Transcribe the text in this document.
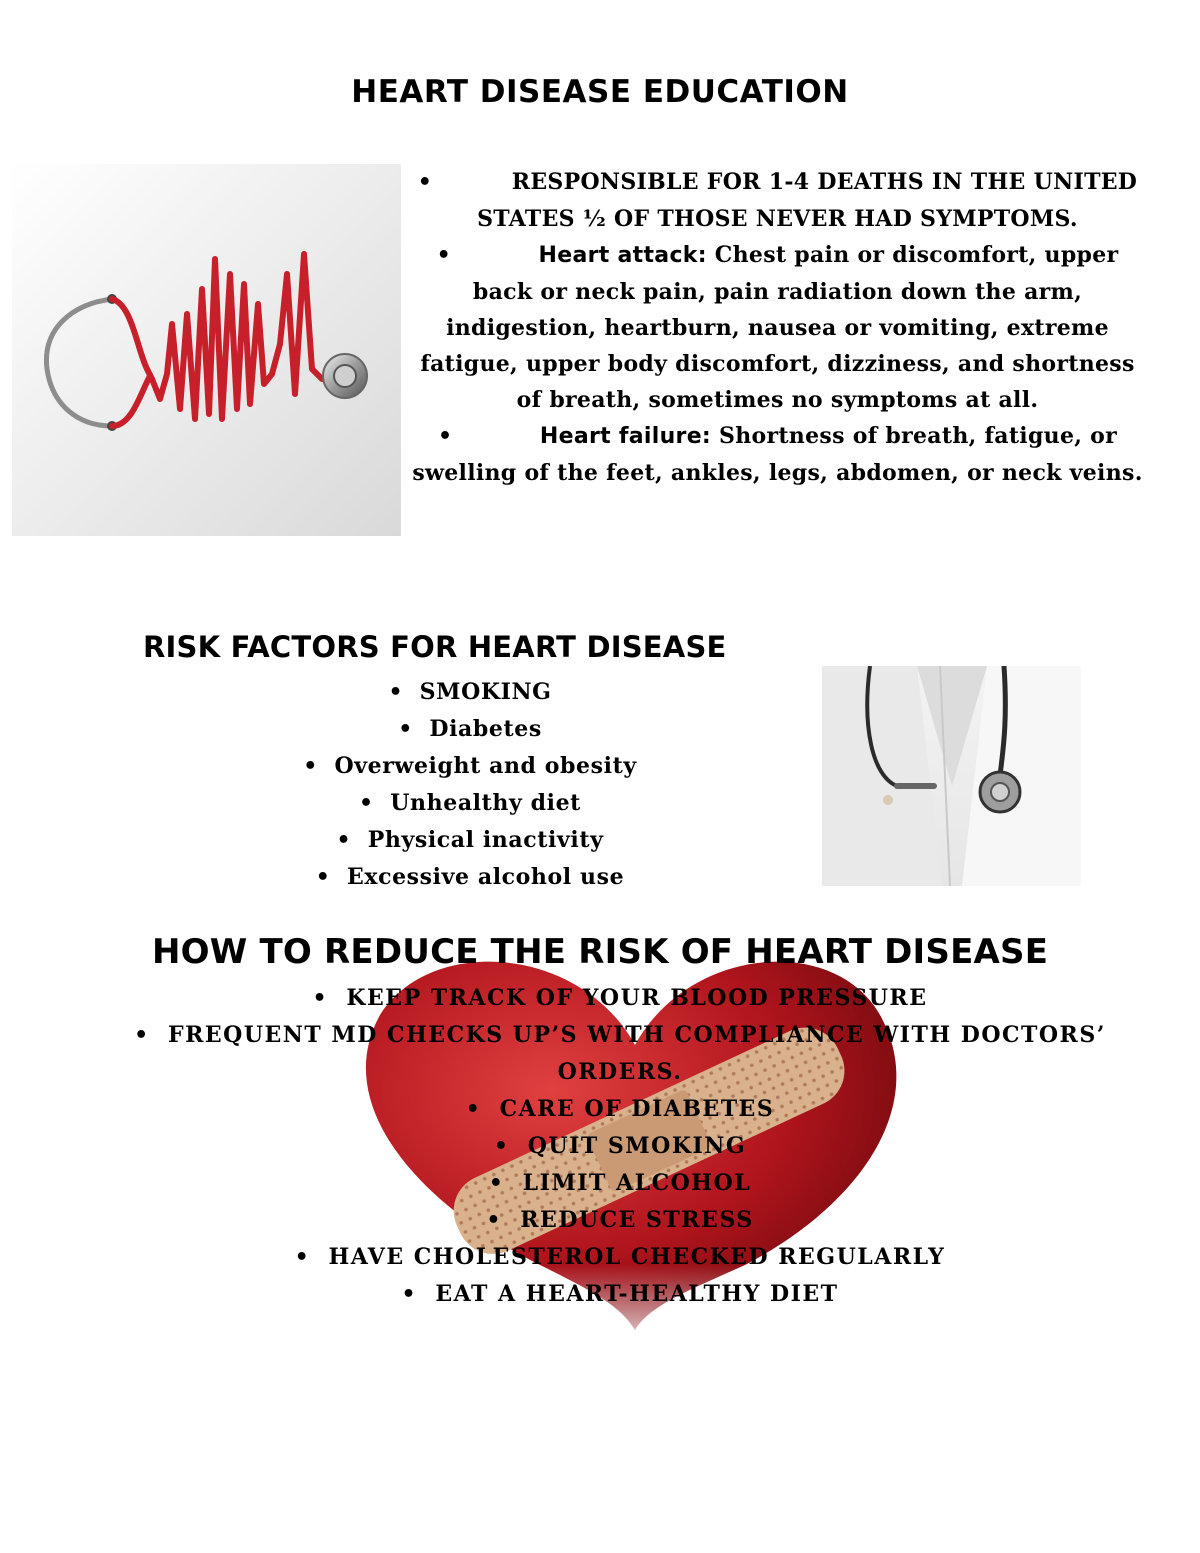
HEART DISEASE EDUCATION
•	RESPONSIBLE FOR 1-4 DEATHS IN THE UNITED STATES ½ OF THOSE NEVER HAD SYMPTOMS.
•	Heart attack: Chest pain or discomfort, upper back or neck pain, pain radiation down the arm, indigestion, heartburn, nausea or vomiting, extreme fatigue, upper body discomfort, dizziness, and shortness of breath, sometimes no symptoms at all.
•	Heart failure: Shortness of breath, fatigue, or swelling of the feet, ankles, legs, abdomen, or neck veins.
RISK FACTORS FOR HEART DISEASE
• SMOKING
• Diabetes
• Overweight and obesity
• Unhealthy diet
• Physical inactivity
• Excessive alcohol use
HOW TO REDUCE THE RISK OF HEART DISEASE
• KEEP TRACK OF YOUR BLOOD PRESSURE
• FREQUENT MD CHECKS UP’S WITH COMPLIANCE WITH DOCTORS’ ORDERS.
• CARE OF DIABETES
• QUIT SMOKING
• LIMIT ALCOHOL
• REDUCE STRESS
• HAVE CHOLESTEROL CHECKED REGULARLY
• EAT A HEART-HEALTHY DIET
